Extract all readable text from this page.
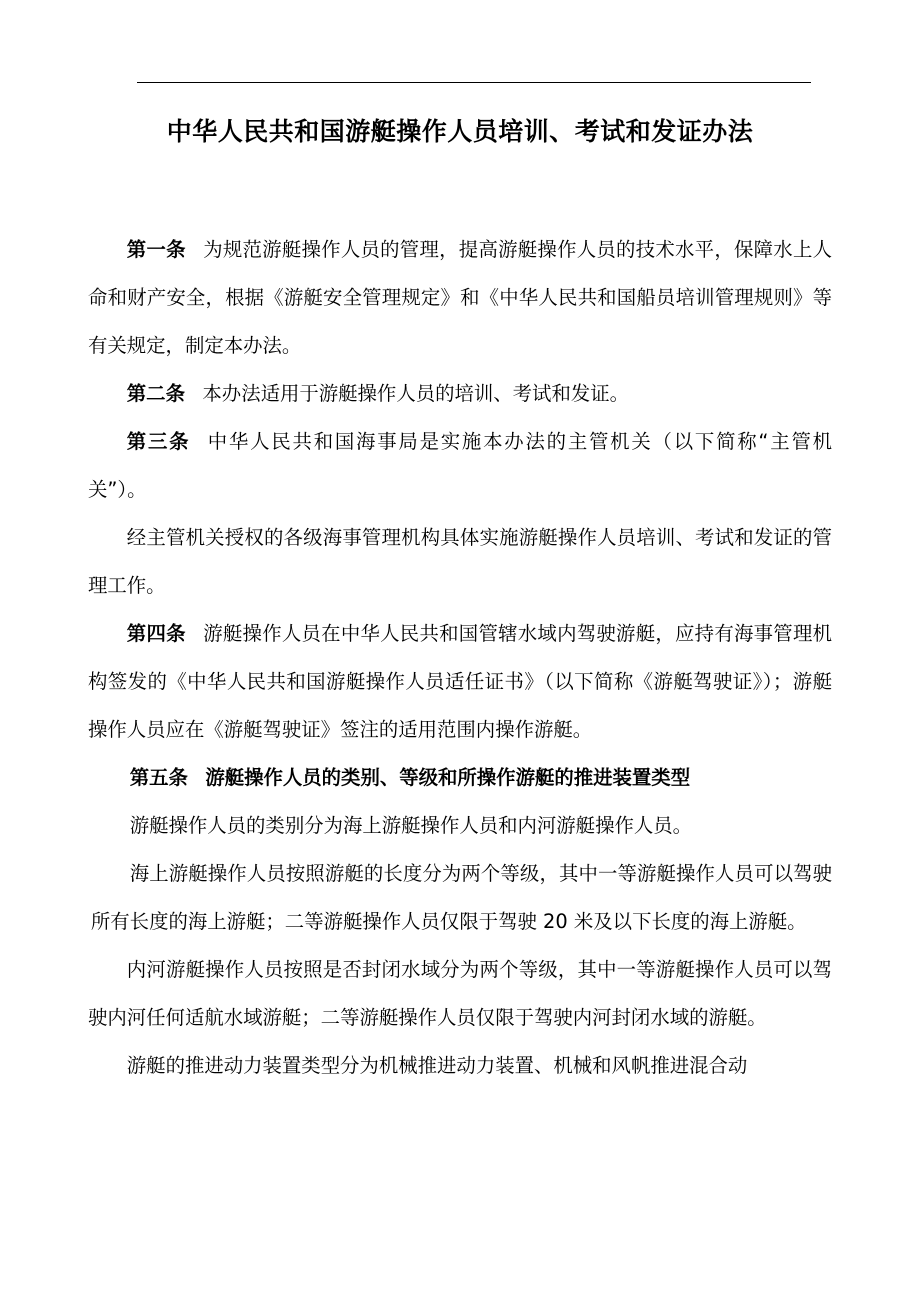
中华人民共和国游艇操作人员培训、考试和发证办法

第一条 为规范游艇操作人员的管理，提高游艇操作人员的技术水平，保障水上人命和财产安全，根据《游艇安全管理规定》和《中华人民共和国船员培训管理规则》等有关规定，制定本办法。

第二条 本办法适用于游艇操作人员的培训、考试和发证。

第三条 中华人民共和国海事局是实施本办法的主管机关（以下简称“主管机关”）。

经主管机关授权的各级海事管理机构具体实施游艇操作人员培训、考试和发证的管理工作。

第四条 游艇操作人员在中华人民共和国管辖水域内驾驶游艇，应持有海事管理机构签发的《中华人民共和国游艇操作人员适任证书》（以下简称《游艇驾驶证》）；游艇操作人员应在《游艇驾驶证》签注的适用范围内操作游艇。

第五条 游艇操作人员的类别、等级和所操作游艇的推进装置类型

游艇操作人员的类别分为海上游艇操作人员和内河游艇操作人员。

海上游艇操作人员按照游艇的长度分为两个等级，其中一等游艇操作人员可以驾驶所有长度的海上游艇；二等游艇操作人员仅限于驾驶 20 米及以下长度的海上游艇。

内河游艇操作人员按照是否封闭水域分为两个等级，其中一等游艇操作人员可以驾驶内河任何适航水域游艇；二等游艇操作人员仅限于驾驶内河封闭水域的游艇。

游艇的推进动力装置类型分为机械推进动力装置、机械和风帆推进混合动
